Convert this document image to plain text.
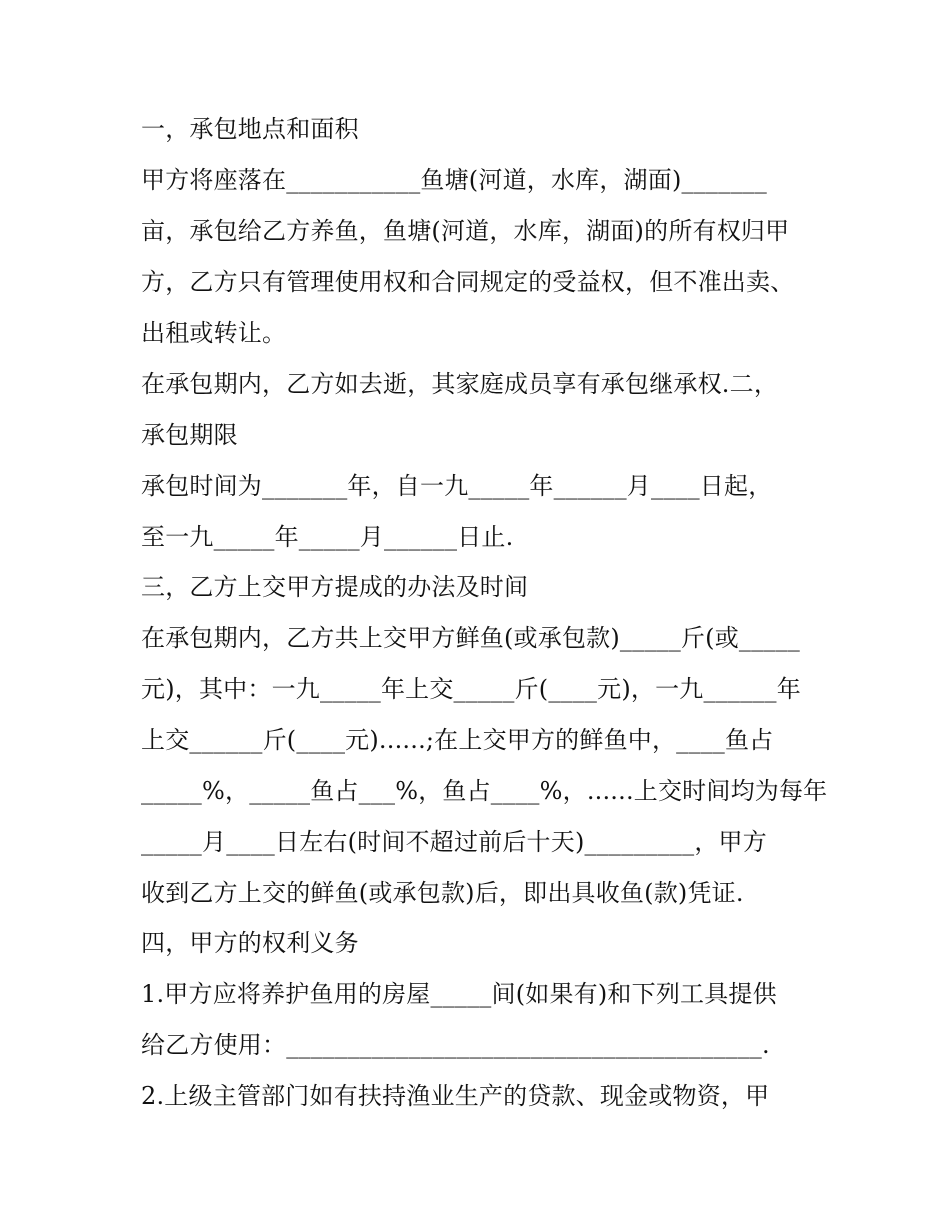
一，承包地点和面积
甲方将座落在___________鱼塘(河道，水库，湖面)_______
亩，承包给乙方养鱼，鱼塘(河道，水库，湖面)的所有权归甲
方，乙方只有管理使用权和合同规定的受益权，但不准出卖、
出租或转让。
在承包期内，乙方如去逝，其家庭成员享有承包继承权.二，
承包期限
承包时间为_______年，自一九_____年______月____日起，
至一九_____年_____月______日止.
三，乙方上交甲方提成的办法及时间
在承包期内，乙方共上交甲方鲜鱼(或承包款)_____斤(或_____
元)，其中：一九_____年上交_____斤(____元)，一九______年
上交______斤(____元)......;在上交甲方的鲜鱼中，____鱼占
_____%，_____鱼占___%，鱼占____%，......上交时间均为每年
_____月____日左右(时间不超过前后十天)_________，甲方
收到乙方上交的鲜鱼(或承包款)后，即出具收鱼(款)凭证.
四，甲方的权利义务
1.甲方应将养护鱼用的房屋_____间(如果有)和下列工具提供
给乙方使用：_______________________________________.
2.上级主管部门如有扶持渔业生产的贷款、现金或物资，甲
